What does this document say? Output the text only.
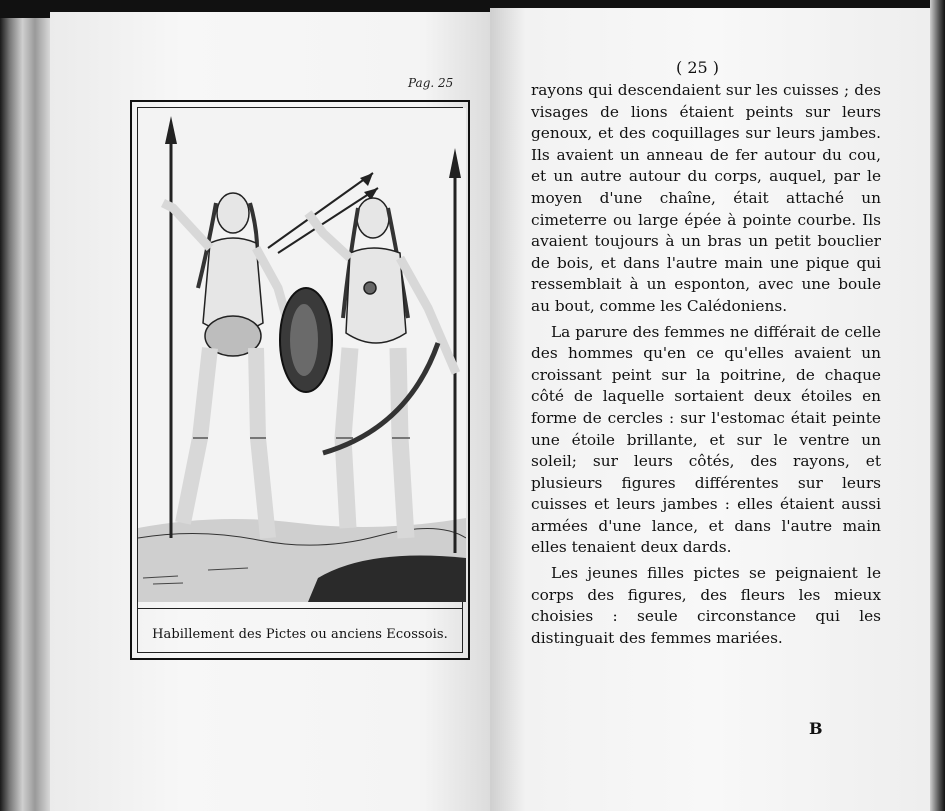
Pag. 25
Habillement des Pictes ou anciens Ecossois.
( 25 )

rayons qui descendaient sur les cuisses ; des visages de lions étaient peints sur leurs genoux, et des coquillages sur leurs jambes. Ils avaient un anneau de fer autour du cou, et un autre autour du corps, auquel, par le moyen d'une chaîne, était attaché un cimeterre ou large épée à pointe courbe. Ils avaient toujours à un bras un petit bouclier de bois, et dans l'autre main une pique qui ressemblait à un esponton, avec une boule au bout, comme les Calédoniens.

La parure des femmes ne différait de celle des hommes qu'en ce qu'elles avaient un croissant peint sur la poitrine, de chaque côté de laquelle sortaient deux étoiles en forme de cercles : sur l'estomac était peinte une étoile brillante, et sur le ventre un soleil; sur leurs côtés, des rayons, et plusieurs figures différentes sur leurs cuisses et leurs jambes : elles étaient aussi armées d'une lance, et dans l'autre main elles tenaient deux dards.

Les jeunes filles pictes se peignaient le corps des figures, des fleurs les mieux choisies : seule circonstance qui les distinguait des femmes mariées.

B
